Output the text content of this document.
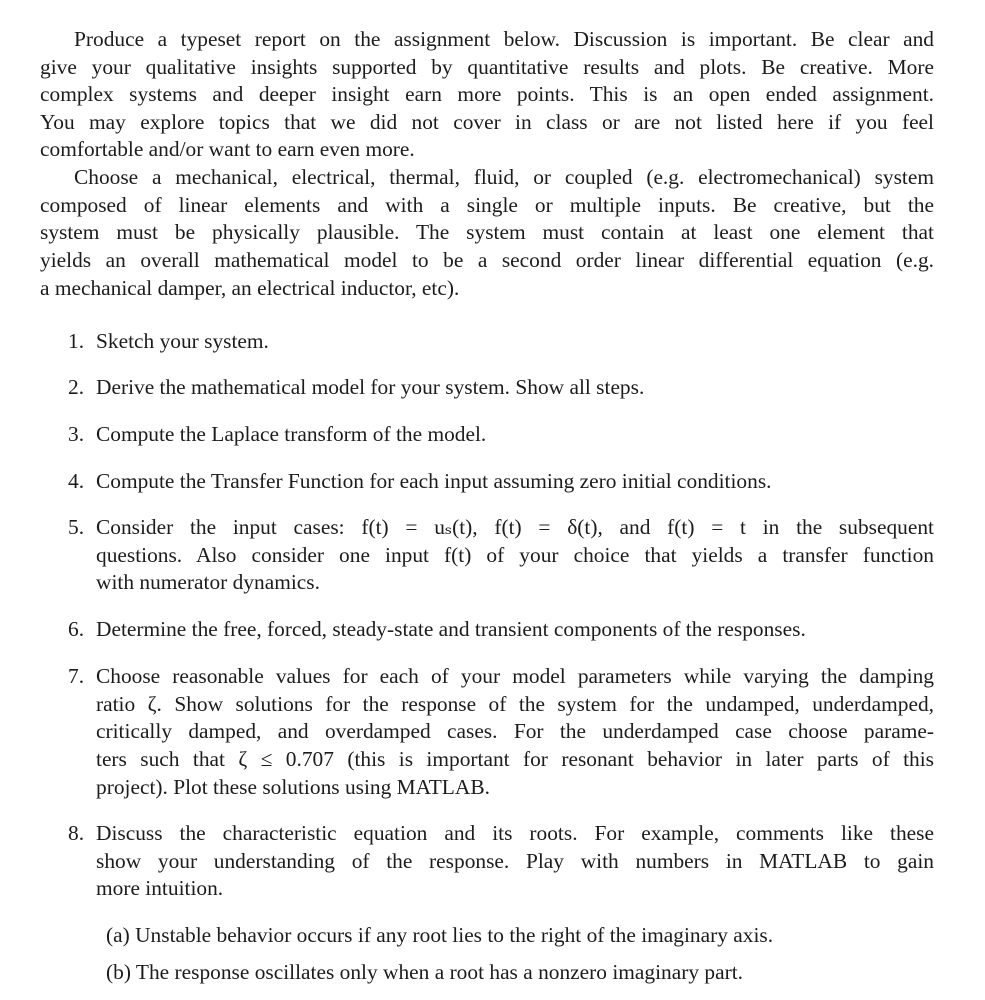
Produce a typeset report on the assignment below. Discussion is important. Be clear and
give your qualitative insights supported by quantitative results and plots. Be creative. More
complex systems and deeper insight earn more points. This is an open ended assignment.
You may explore topics that we did not cover in class or are not listed here if you feel
comfortable and/or want to earn even more.
Choose a mechanical, electrical, thermal, fluid, or coupled (e.g. electromechanical) system
composed of linear elements and with a single or multiple inputs. Be creative, but the
system must be physically plausible. The system must contain at least one element that
yields an overall mathematical model to be a second order linear differential equation (e.g.
a mechanical damper, an electrical inductor, etc).
1. Sketch your system.
2. Derive the mathematical model for your system. Show all steps.
3. Compute the Laplace transform of the model.
4. Compute the Transfer Function for each input assuming zero initial conditions.
5. Consider the input cases: f(t) = uₛ(t), f(t) = δ(t), and f(t) = t in the subsequent
questions. Also consider one input f(t) of your choice that yields a transfer function
with numerator dynamics.
6. Determine the free, forced, steady-state and transient components of the responses.
7. Choose reasonable values for each of your model parameters while varying the damping
ratio ζ. Show solutions for the response of the system for the undamped, underdamped,
critically damped, and overdamped cases. For the underdamped case choose parame-
ters such that ζ ≤ 0.707 (this is important for resonant behavior in later parts of this
project). Plot these solutions using MATLAB.
8. Discuss the characteristic equation and its roots. For example, comments like these
show your understanding of the response. Play with numbers in MATLAB to gain
more intuition.
(a) Unstable behavior occurs if any root lies to the right of the imaginary axis.
(b) The response oscillates only when a root has a nonzero imaginary part.
